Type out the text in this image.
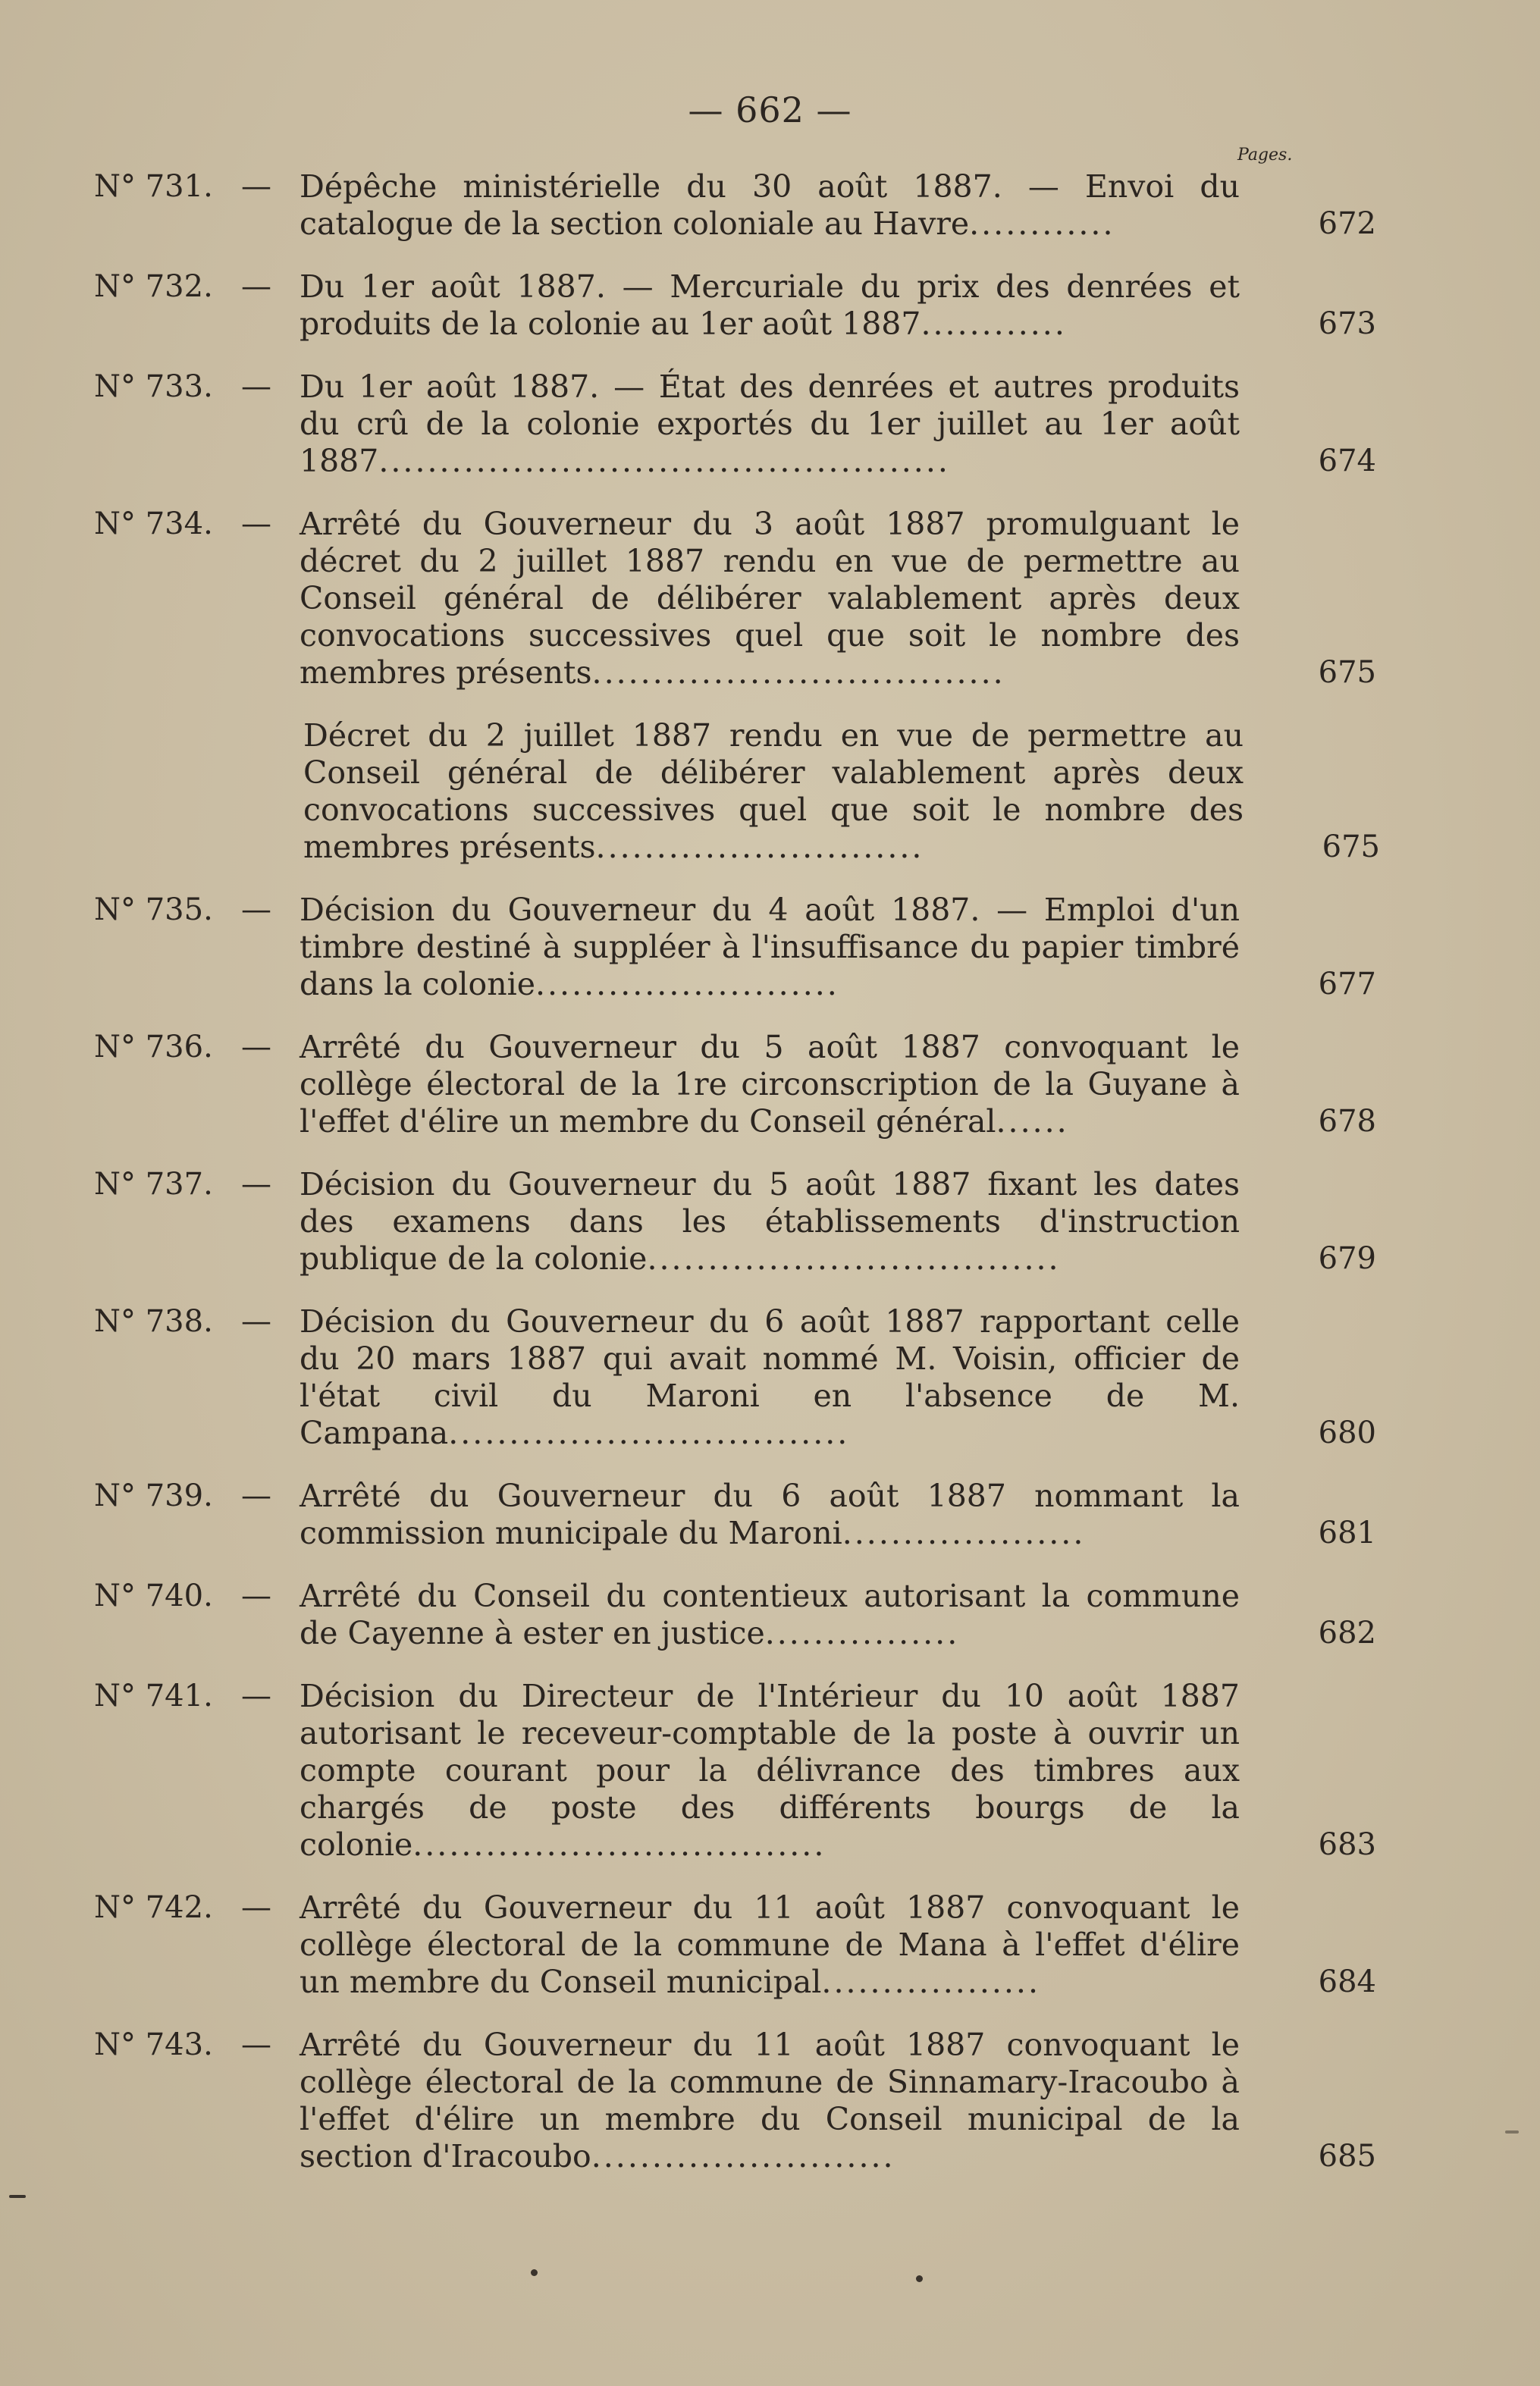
— 662 —
Pages.
N° 731. — Dépêche ministérielle du 30 août 1887. — Envoi du catalogue de la section coloniale au Havre............	672
N° 732. — Du 1er août 1887. — Mercuriale du prix des denrées et produits de la colonie au 1er août 1887............	673
N° 733. — Du 1er août 1887. — État des denrées et autres produits du crû de la colonie exportés du 1er juillet au 1er août 1887...............................................	674
N° 734. — Arrêté du Gouverneur du 3 août 1887 promulguant le décret du 2 juillet 1887 rendu en vue de permettre au Conseil général de délibérer valablement après deux convocations successives quel que soit le nombre des membres présents..................................	675
Décret du 2 juillet 1887 rendu en vue de permettre au Conseil général de délibérer valablement après deux convocations successives quel que soit le nombre des membres présents...........................	675
N° 735. — Décision du Gouverneur du 4 août 1887. — Emploi d'un timbre destiné à suppléer à l'insuffisance du papier timbré dans la colonie.........................	677
N° 736. — Arrêté du Gouverneur du 5 août 1887 convoquant le collège électoral de la 1re circonscription de la Guyane à l'effet d'élire un membre du Conseil général......	678
N° 737. — Décision du Gouverneur du 5 août 1887 fixant les dates des examens dans les établissements d'instruction publique de la colonie..................................	679
N° 738. — Décision du Gouverneur du 6 août 1887 rapportant celle du 20 mars 1887 qui avait nommé M. Voisin, officier de l'état civil du Maroni en l'absence de M. Campana.................................	680
N° 739. — Arrêté du Gouverneur du 6 août 1887 nommant la commission municipale du Maroni....................	681
N° 740. — Arrêté du Conseil du contentieux autorisant la commune de Cayenne à ester en justice................	682
N° 741. — Décision du Directeur de l'Intérieur du 10 août 1887 autorisant le receveur-comptable de la poste à ouvrir un compte courant pour la délivrance des timbres aux chargés de poste des différents bourgs de la colonie..................................	683
N° 742. — Arrêté du Gouverneur du 11 août 1887 convoquant le collège électoral de la commune de Mana à l'effet d'élire un membre du Conseil municipal..................	684
N° 743. — Arrêté du Gouverneur du 11 août 1887 convoquant le collège électoral de la commune de Sinnamary-Iracoubo à l'effet d'élire un membre du Conseil municipal de la section d'Iracoubo.........................	685
